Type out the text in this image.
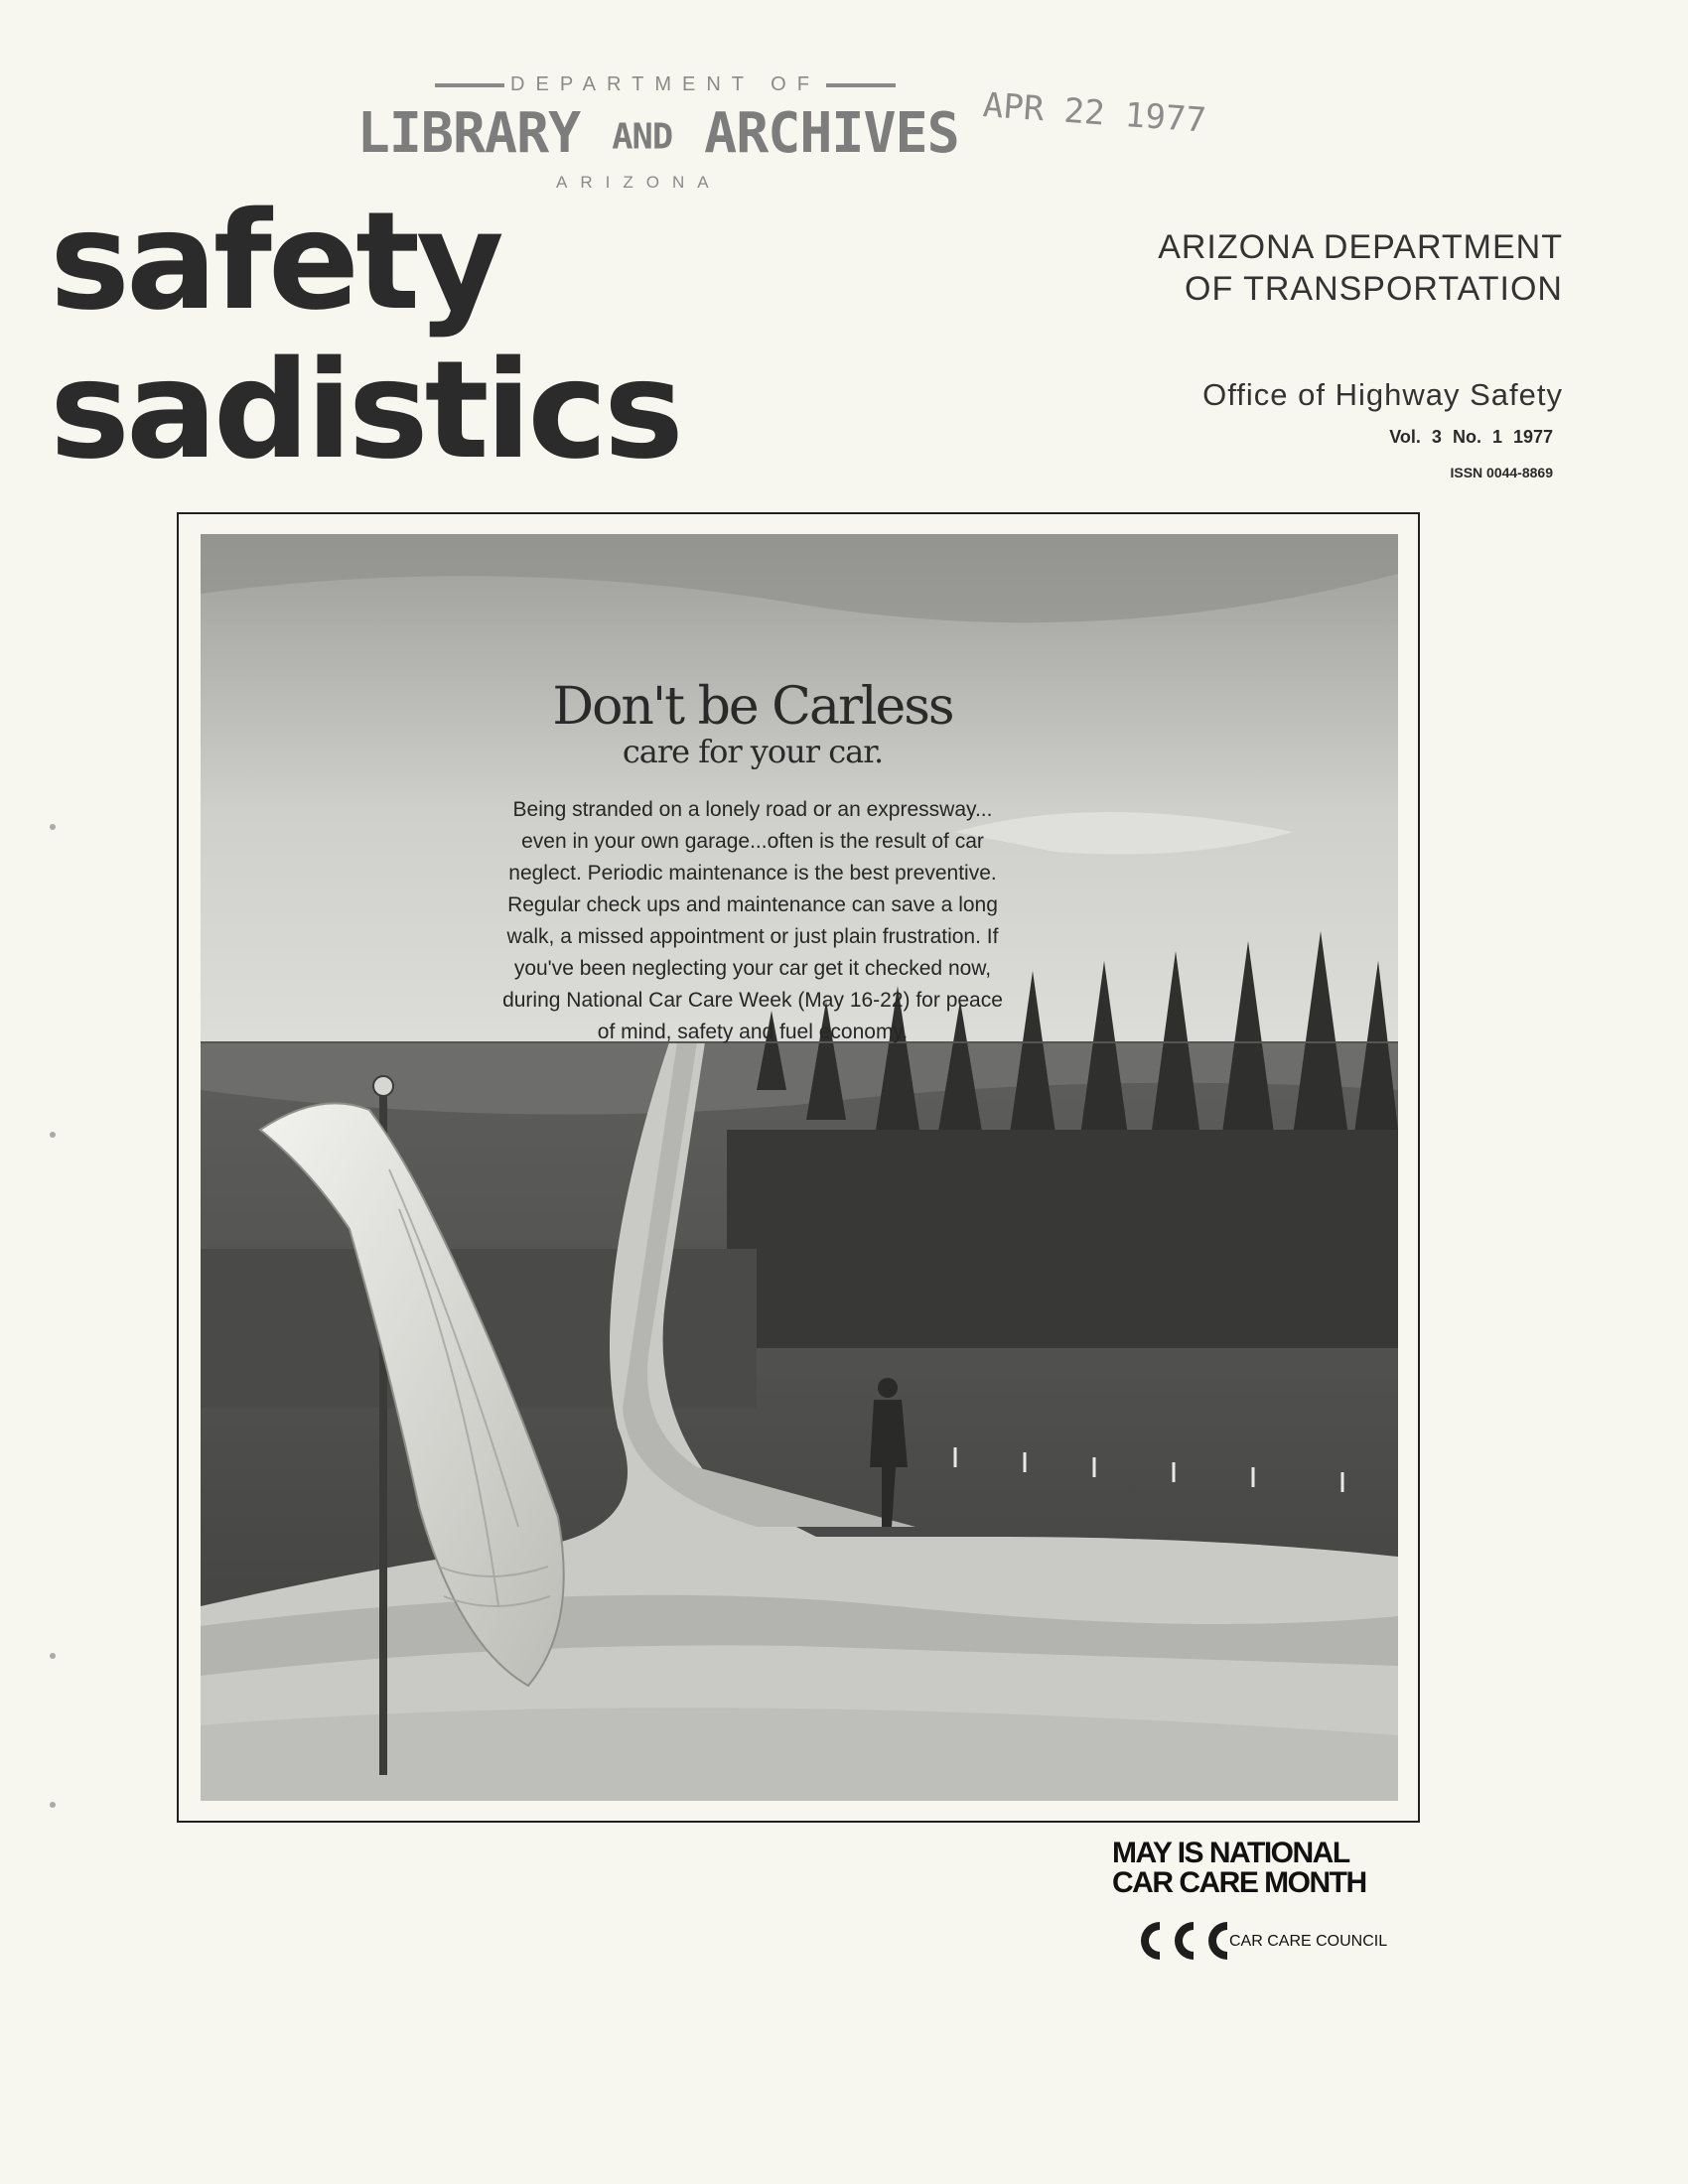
DEPARTMENT OF
LIBRARY AND ARCHIVES
ARIZONA
APR 22 1977
safety
sadistics
ARIZONA DEPARTMENT
OF TRANSPORTATION
Office of Highway Safety
Vol. 3 No. 1 1977
ISSN 0044-8869
Don't be Carless
care for your car.
Being stranded on a lonely road or an expressway...
even in your own garage...often is the result of car
neglect. Periodic maintenance is the best preventive.
Regular check ups and maintenance can save a long
walk, a missed appointment or just plain frustration. If
you've been neglecting your car get it checked now,
during National Car Care Week (May 16-22) for peace
of mind, safety and fuel economy.
MAY IS NATIONAL
CAR CARE MONTH
CAR CARE COUNCIL
